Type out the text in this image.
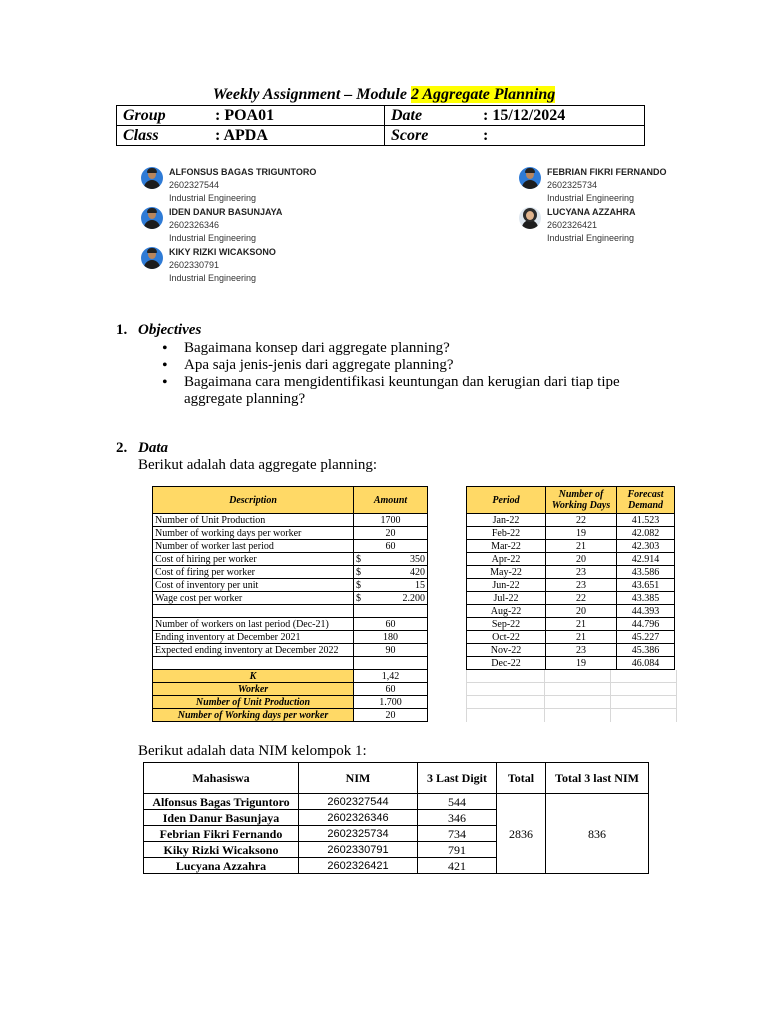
Weekly Assignment – Module 2 Aggregate Planning
Group : POA01	Date : 15/12/2024
Class : APDA	Score :
ALFONSUS BAGAS TRIGUNTORO
2602327544
Industrial Engineering
IDEN DANUR BASUNJAYA
2602326346
Industrial Engineering
KIKY RIZKI WICAKSONO
2602330791
Industrial Engineering
FEBRIAN FIKRI FERNANDO
2602325734
Industrial Engineering
LUCYANA AZZAHRA
2602326421
Industrial Engineering
1. Objectives
• Bagaimana konsep dari aggregate planning?
• Apa saja jenis-jenis dari aggregate planning?
• Bagaimana cara mengidentifikasi keuntungan dan kerugian dari tiap tipe aggregate planning?
2. Data
Berikut adalah data aggregate planning:
Description	Amount	
Number of Unit Production	1700	
Number of working days per worker	20	
Number of worker last period	60	
Cost of hiring per worker	$	350
Cost of firing per worker	$	420
Cost of inventory per unit	$	15
Wage cost per worker	$	2.200

Number of workers on last period (Dec-21)	60	
Ending inventory at December 2021	180	
Expected ending inventory at December 2022	90	

K	1,42	
Worker	60	
Number of Unit Production	1.700	
Number of Working days per worker	20	
Period	Number of Working Days	Forecast Demand
Jan-22	22	41.523
Feb-22	19	42.082
Mar-22	21	42.303
Apr-22	20	42.914
May-22	23	43.586
Jun-22	23	43.651
Jul-22	22	43.385
Aug-22	20	44.393
Sep-22	21	44.796
Oct-22	21	45.227
Nov-22	23	45.386
Dec-22	19	46.084
Berikut adalah data NIM kelompok 1:
Mahasiswa	NIM	3 Last Digit	Total	Total 3 last NIM
Alfonsus Bagas Triguntoro	2602327544	544	2836	836
Iden Danur Basunjaya	2602326346	346		
Febrian Fikri Fernando	2602325734	734		
Kiky Rizki Wicaksono	2602330791	791		
Lucyana Azzahra	2602326421	421		
